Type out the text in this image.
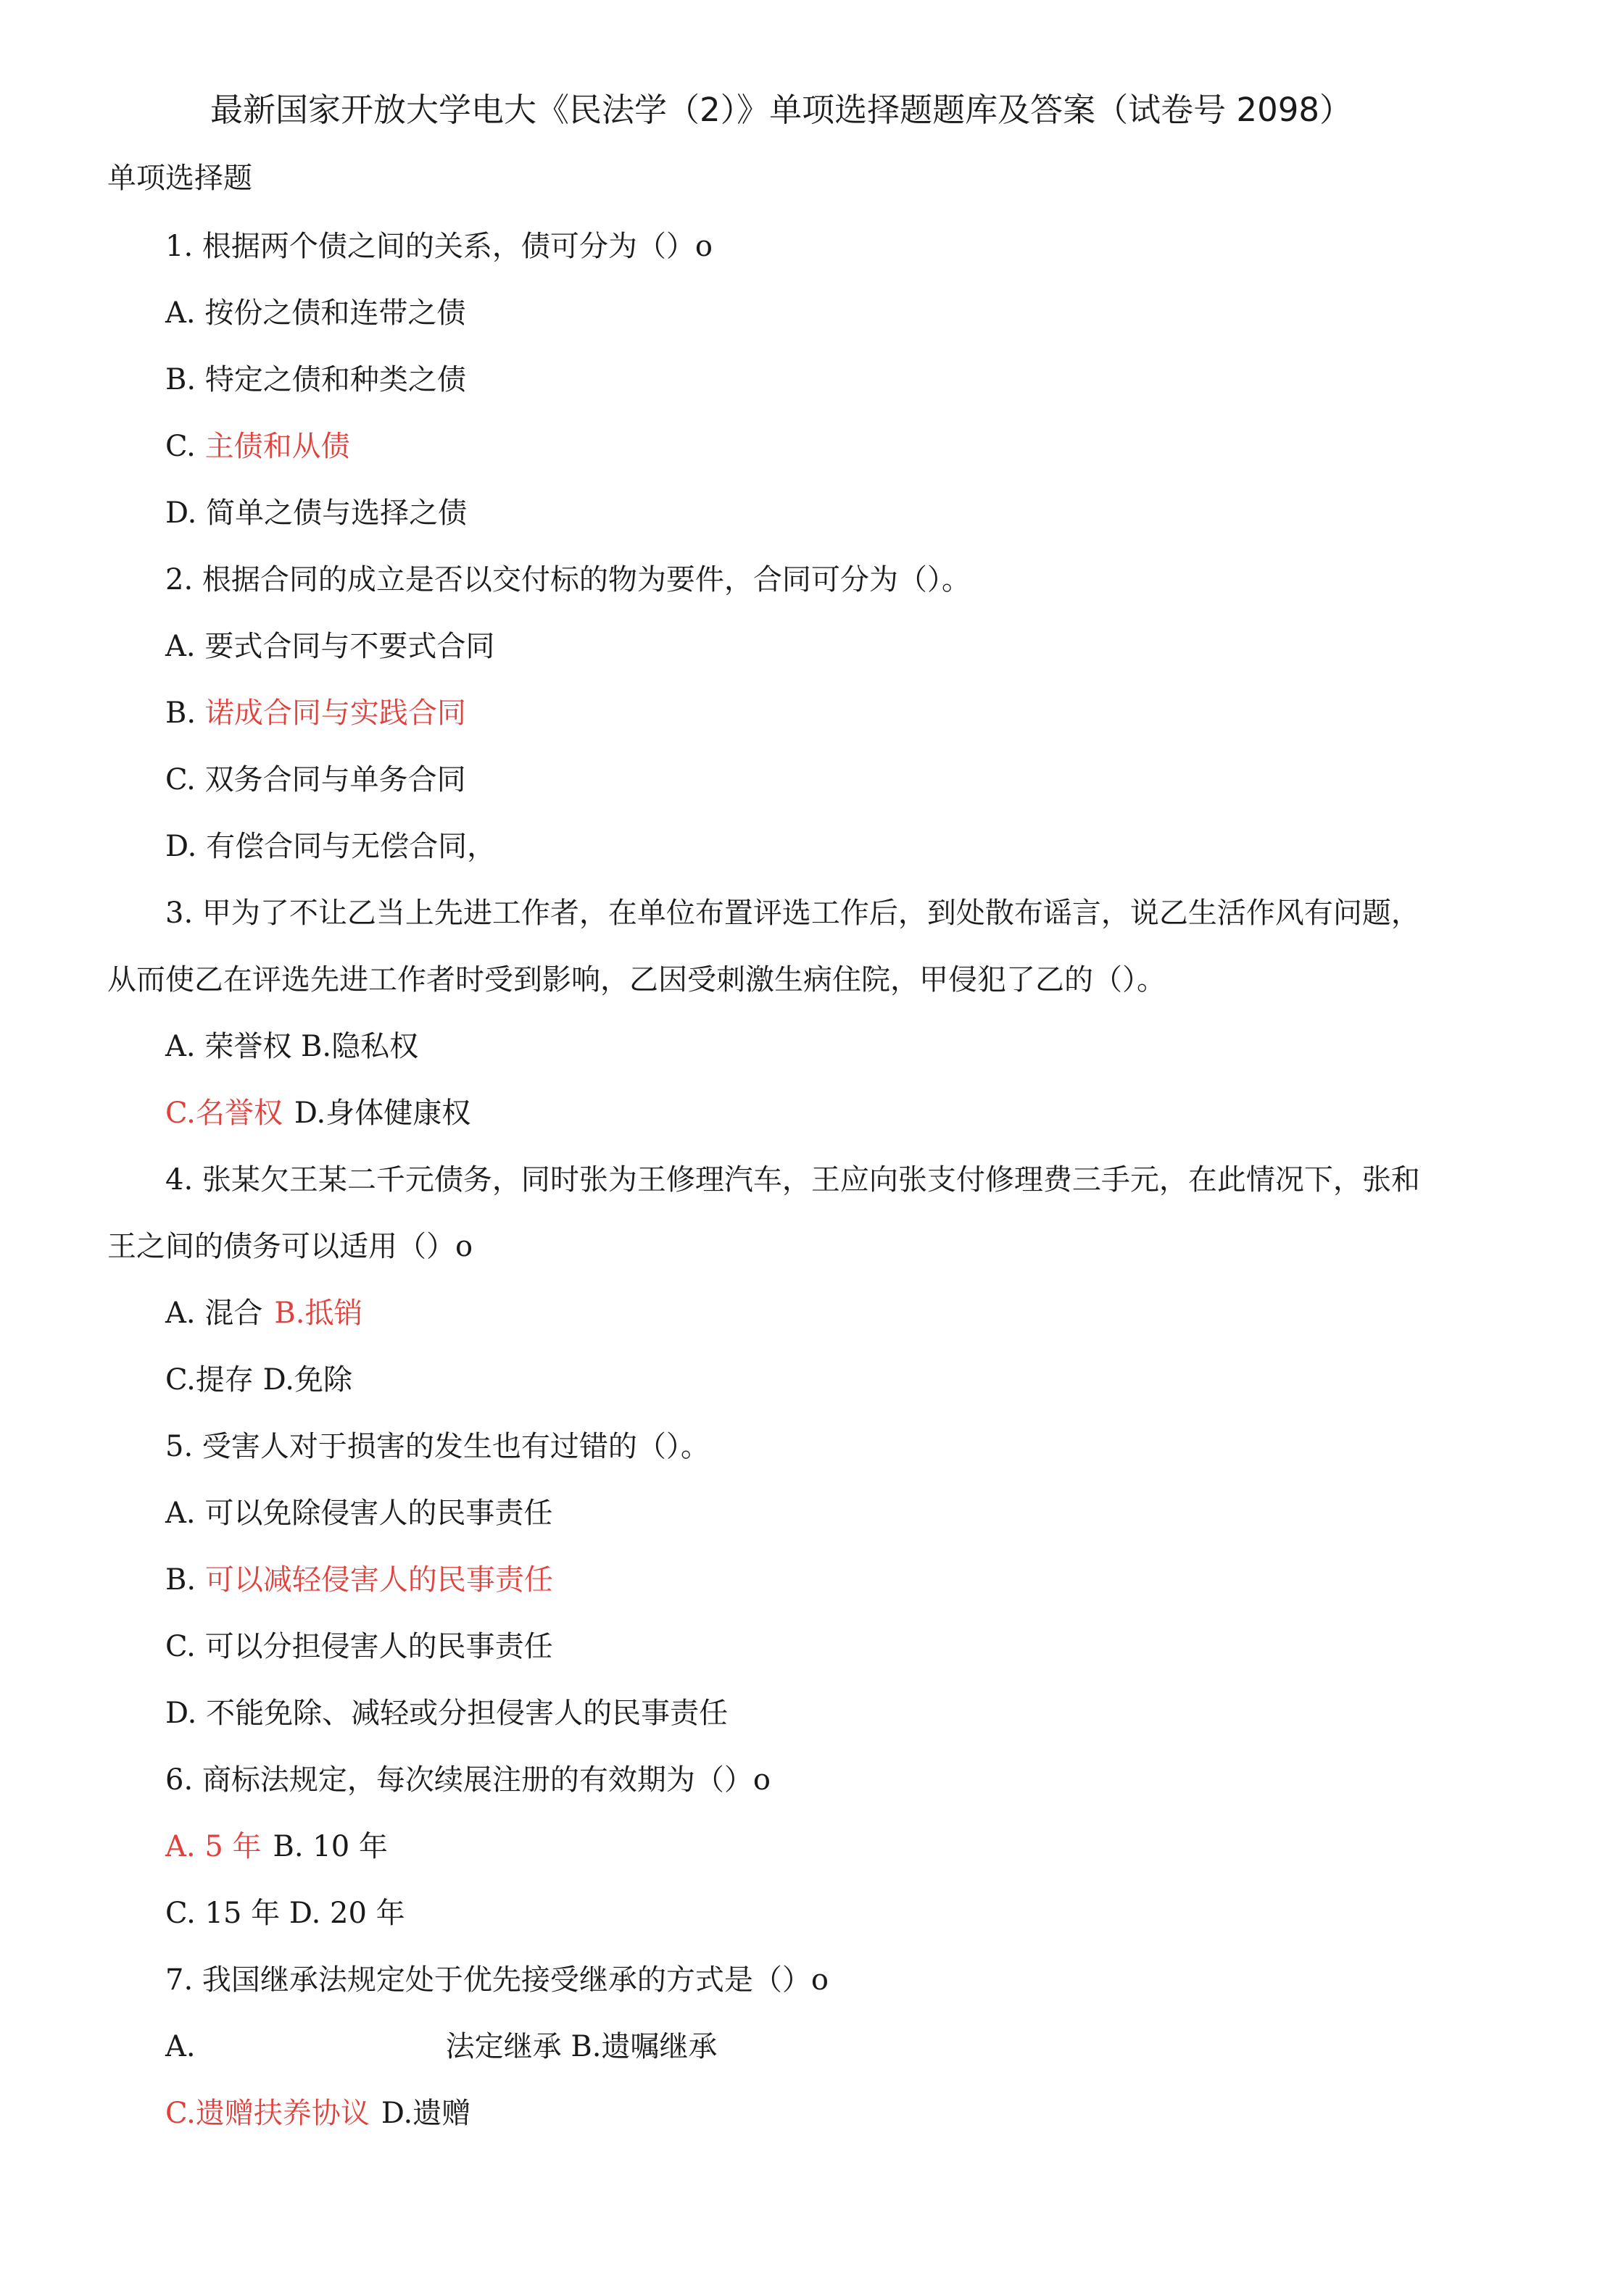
最新国家开放大学电大《民法学（2）》单项选择题题库及答案（试卷号 2098）
单项选择题
1. 根据两个债之间的关系，债可分为（）o
A. 按份之债和连带之债
B. 特定之债和种类之债
C. 主债和从债
D. 简单之债与选择之债
2. 根据合同的成立是否以交付标的物为要件，合同可分为（）。
A. 要式合同与不要式合同
B. 诺成合同与实践合同
C. 双务合同与单务合同
D. 有偿合同与无偿合同，
3. 甲为了不让乙当上先进工作者，在单位布置评选工作后，到处散布谣言，说乙生活作风有问题，
从而使乙在评选先进工作者时受到影响，乙因受刺激生病住院，甲侵犯了乙的（）。
A. 荣誉权 B.隐私权
C.名誉权 D.身体健康权
4. 张某欠王某二千元债务，同时张为王修理汽车，王应向张支付修理费三手元，在此情况下，张和
王之间的债务可以适用（）o
A. 混合 B.抵销
C.提存 D.免除
5. 受害人对于损害的发生也有过错的（）。
A. 可以免除侵害人的民事责任
B. 可以减轻侵害人的民事责任
C. 可以分担侵害人的民事责任
D. 不能免除、减轻或分担侵害人的民事责任
6. 商标法规定，每次续展注册的有效期为（）o
A. 5 年 B. 10 年
C. 15 年 D. 20 年
7. 我国继承法规定处于优先接受继承的方式是（）o
A.	法定继承 B.遗嘱继承
C.遗赠扶养协议 D.遗赠
